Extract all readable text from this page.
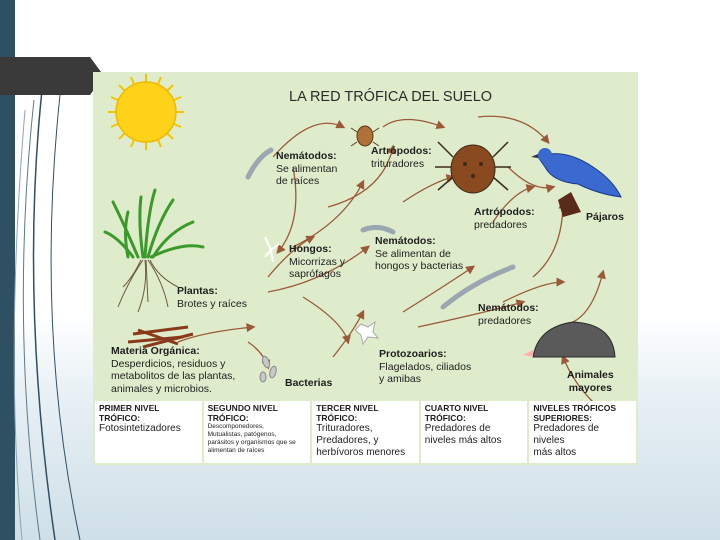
LA RED TRÓFICA DEL SUELO
Nemátodos:
Se alimentan
de raíces
Artrópodos:
trituradores
Artrópodos:
predadores
Pájaros
Hongos:
Micorrizas y
saprófagos
Nemátodos:
Se alimentan de
hongos y bacterias
Plantas:
Brotes y raíces	Nemátodos:
predadores
Materia Orgánica:
Desperdicios, residuos y
metabolitos de las plantas,
animales y microbios.
Protozoarios:
Flagelados, ciliados
y amibas
Bacterias
Animales
mayores
PRIMER NIVEL
TRÓFICO:
Fotosintetizadores
SEGUNDO NIVEL
TRÓFICO:
Descomponedores,
Mutualistas, patógenos,
parásitos y organismos que se
alimentan de raíces
TERCER NIVEL
TRÓFICO:
Trituradores,
Predadores, y
herbívoros menores
CUARTO NIVEL
TRÓFICO:
Predadores de
niveles más altos
NIVELES TRÓFICOS
SUPERIORES:
Predadores de niveles
más altos
